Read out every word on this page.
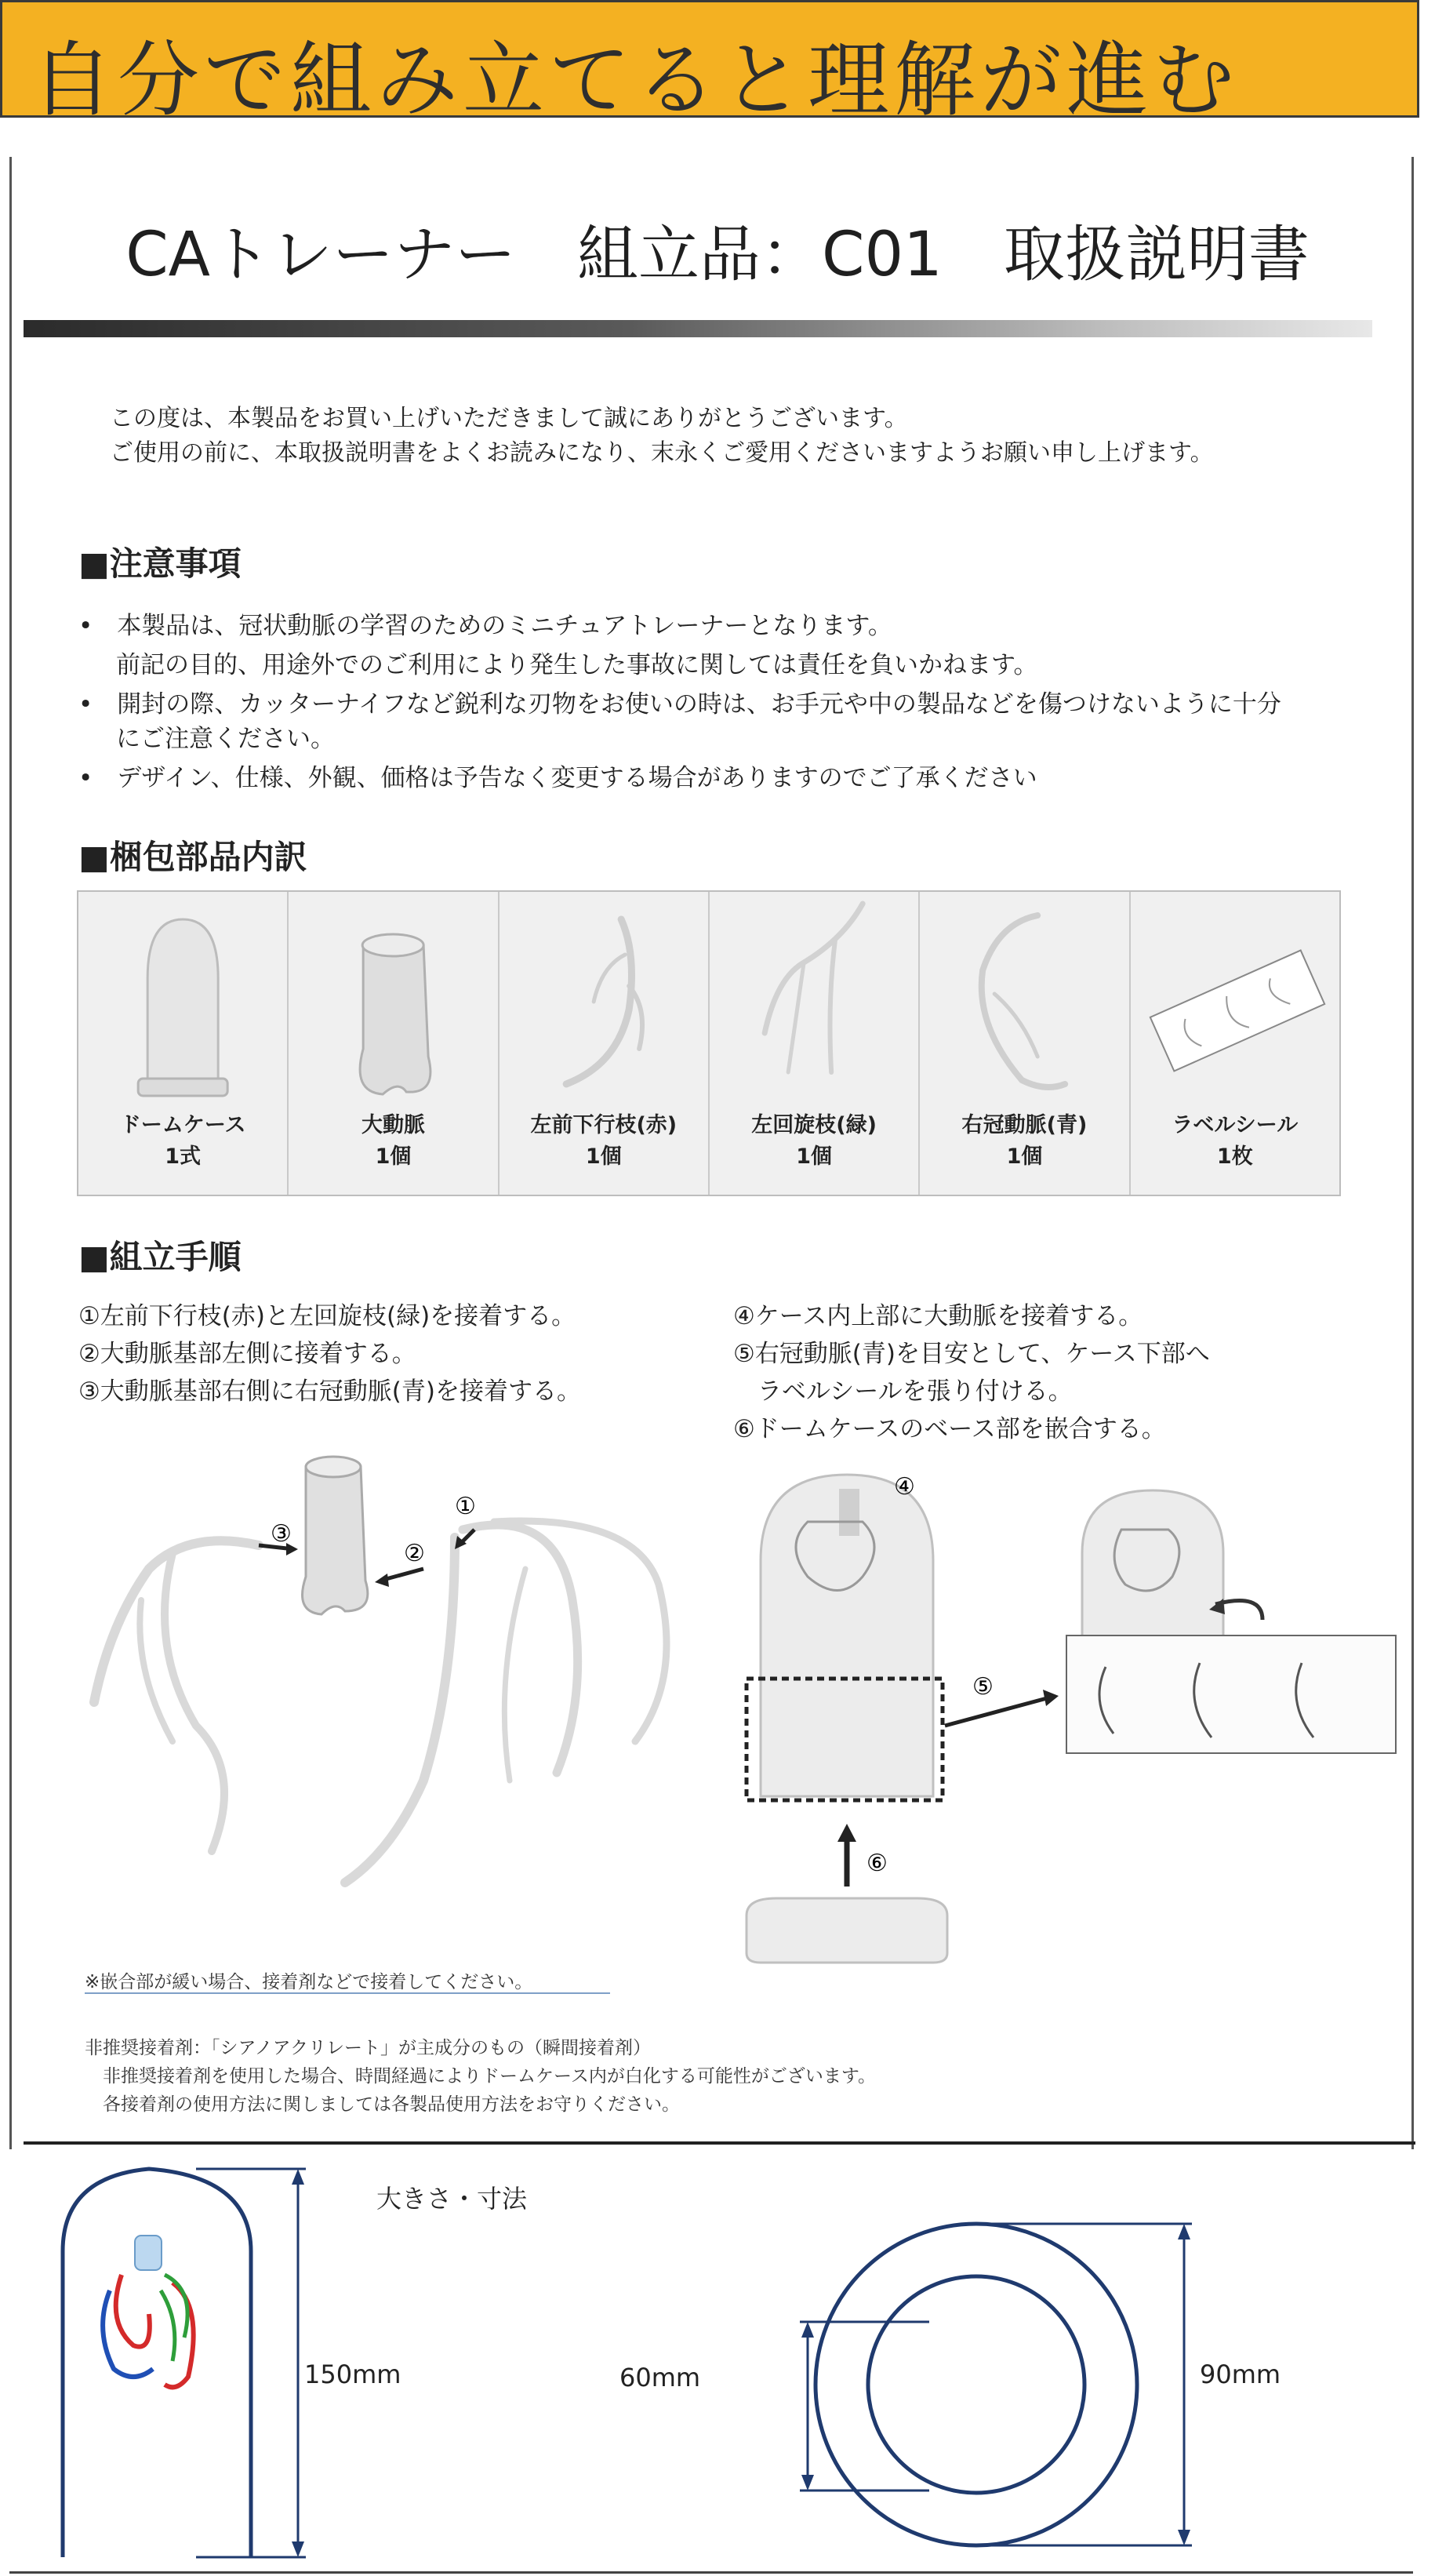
自分で組み立てると理解が進む
CAトレーナー　組立品：C01　取扱説明書
この度は、本製品をお買い上げいただきまして誠にありがとうございます。
ご使用の前に、本取扱説明書をよくお読みになり、末永くご愛用くださいますようお願い申し上げます。
■注意事項
•　本製品は、冠状動脈の学習のためのミニチュアトレーナーとなります。
前記の目的、用途外でのご利用により発生した事故に関しては責任を負いかねます。
•　開封の際、カッターナイフなど鋭利な刃物をお使いの時は、お手元や中の製品などを傷つけないように十分
にご注意ください。
•　デザイン、仕様、外観、価格は予告なく変更する場合がありますのでご了承ください
■梱包部品内訳
ドームケース
1式
大動脈
1個
左前下行枝(赤)
1個
左回旋枝(緑)
1個
右冠動脈(青)
1個
ラベルシール
1枚
■組立手順
①左前下行枝(赤)と左回旋枝(緑)を接着する。
②大動脈基部左側に接着する。
③大動脈基部右側に右冠動脈(青)を接着する。
④ケース内上部に大動脈を接着する。
⑤右冠動脈(青)を目安として、ケース下部へ
　ラベルシールを張り付ける。
⑥ドームケースのベース部を嵌合する。
③
②
①
④
⑤
⑥
※嵌合部が緩い場合、接着剤などで接着してください。
非推奨接着剤：「シアノアクリレート」が主成分のもの（瞬間接着剤）
　非推奨接着剤を使用した場合、時間経過によりドームケース内が白化する可能性がございます。
　各接着剤の使用方法に関しましては各製品使用方法をお守りください。
大きさ・寸法
150mm	60mm	90mm
